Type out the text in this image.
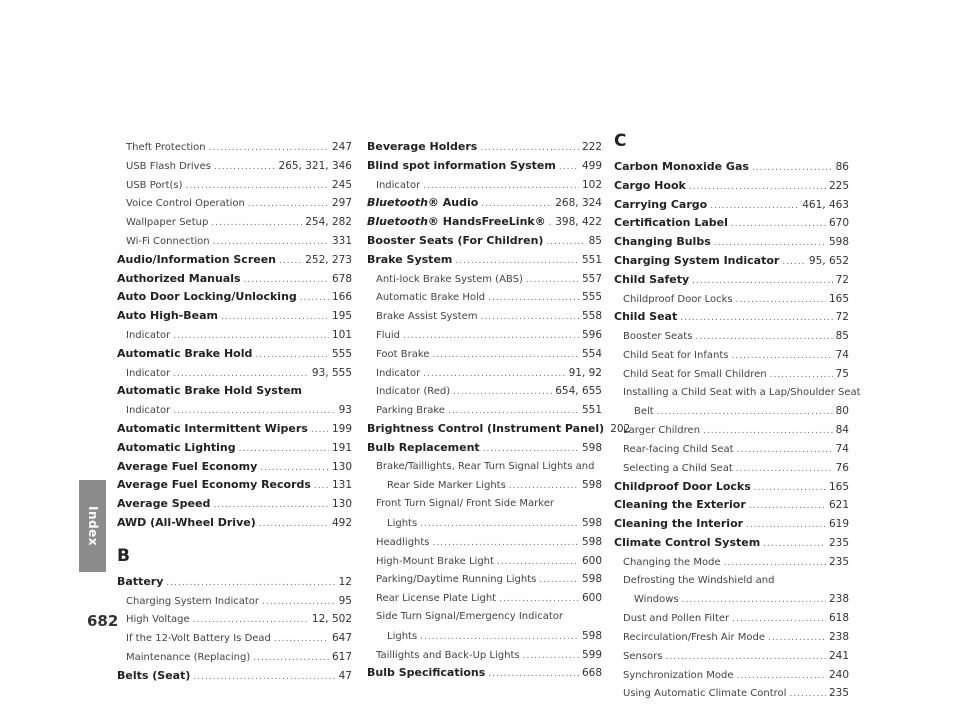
Theft Protection .....	247
USB Flash Drives .....	265, 321, 346
USB Port(s) .....	245
Voice Control Operation .....	297
Wallpaper Setup .....	254, 282
Wi-Fi Connection .....	331
Audio/Information Screen .....	252, 273
Authorized Manuals .....	678
Auto Door Locking/Unlocking .....	166
Auto High-Beam .....	195
Indicator .....	101
Automatic Brake Hold .....	555
Indicator .....	93, 555
Automatic Brake Hold System
Indicator .....	93
Automatic Intermittent Wipers ..... 199
Automatic Lighting .....	191
Average Fuel Economy .....	130
Average Fuel Economy Records ..... 131
Average Speed .....	130
AWD (All-Wheel Drive) .....	492
B
Battery .....	12
Charging System Indicator .....	95
High Voltage .....	12, 502
If the 12-Volt Battery Is Dead .....	647
Maintenance (Replacing) .....	617
Belts (Seat) .....	47
Beverage Holders .....	222
Blind spot information System ..... 499
Indicator .....	102
Bluetooth® Audio .....	268, 324
Bluetooth® HandsFreeLink® ..... 398, 422
Booster Seats (For Children) .....	85
Brake System .....	551
Anti-lock Brake System (ABS) .....	557
Automatic Brake Hold .....	555
Brake Assist System .....	558
Fluid .....	596
Foot Brake .....	554
Indicator .....	91, 92
Indicator (Red) .....	654, 655
Parking Brake .....	551
Brightness Control (Instrument Panel) 202
Bulb Replacement .....	598
Brake/Taillights, Rear Turn Signal Lights and
Rear Side Marker Lights .....	598
Front Turn Signal/ Front Side Marker
Lights .....	598
Headlights .....	598
High-Mount Brake Light .....	600
Parking/Daytime Running Lights .....	598
Rear License Plate Light .....	600
Side Turn Signal/Emergency Indicator
Lights .....	598
Taillights and Back-Up Lights .....	599
Bulb Specifications .....	668
C
Carbon Monoxide Gas .....	86
Cargo Hook .....	225
Carrying Cargo .....	461, 463
Certification Label .....	670
Changing Bulbs .....	598
Charging System Indicator .....	95, 652
Child Safety .....	72
Childproof Door Locks .....	165
Child Seat .....	72
Booster Seats .....	85
Child Seat for Infants .....	74
Child Seat for Small Children .....	75
Installing a Child Seat with a Lap/Shoulder Seat
Belt .....	80
Larger Children .....	84
Rear-facing Child Seat .....	74
Selecting a Child Seat .....	76
Childproof Door Locks .....	165
Cleaning the Exterior .....	621
Cleaning the Interior .....	619
Climate Control System .....	235
Changing the Mode .....	235
Defrosting the Windshield and
Windows .....	238
Dust and Pollen Filter .....	618
Recirculation/Fresh Air Mode .....	238
Sensors .....	241
Synchronization Mode .....	240
Using Automatic Climate Control .....	235
Index
682
